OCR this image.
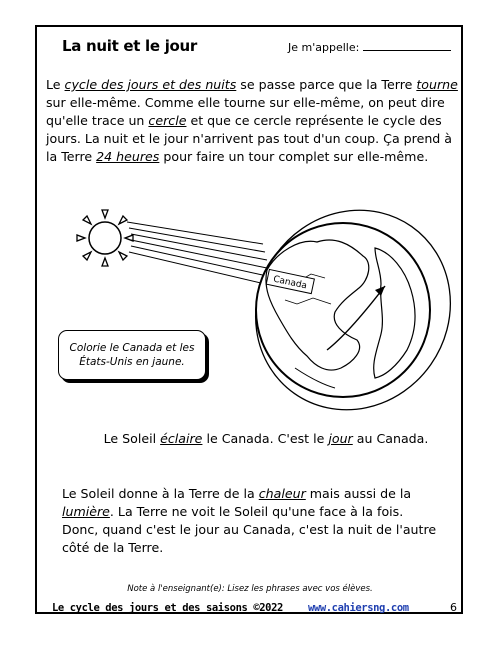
La nuit et le jour	Je m'appelle:
Le cycle des jours et des nuits se passe parce que la Terre tourne sur elle-même. Comme elle tourne sur elle-même, on peut dire qu'elle trace un cercle et que ce cercle représente le cycle des jours. La nuit et le jour n'arrivent pas tout d'un coup. Ça prend à la Terre 24 heures pour faire un tour complet sur elle-même.
Canada
Colorie le Canada et les États-Unis en jaune.
Le Soleil éclaire le Canada. C'est le jour au Canada.
Le Soleil donne à la Terre de la chaleur mais aussi de la lumière. La Terre ne voit le Soleil qu'une face à la fois. Donc, quand c'est le jour au Canada, c'est la nuit de l'autre côté de la Terre.
Note à l'enseignant(e): Lisez les phrases avec vos élèves.
Le cycle des jours et des saisons ©2022 www.cahiersng.com	6
